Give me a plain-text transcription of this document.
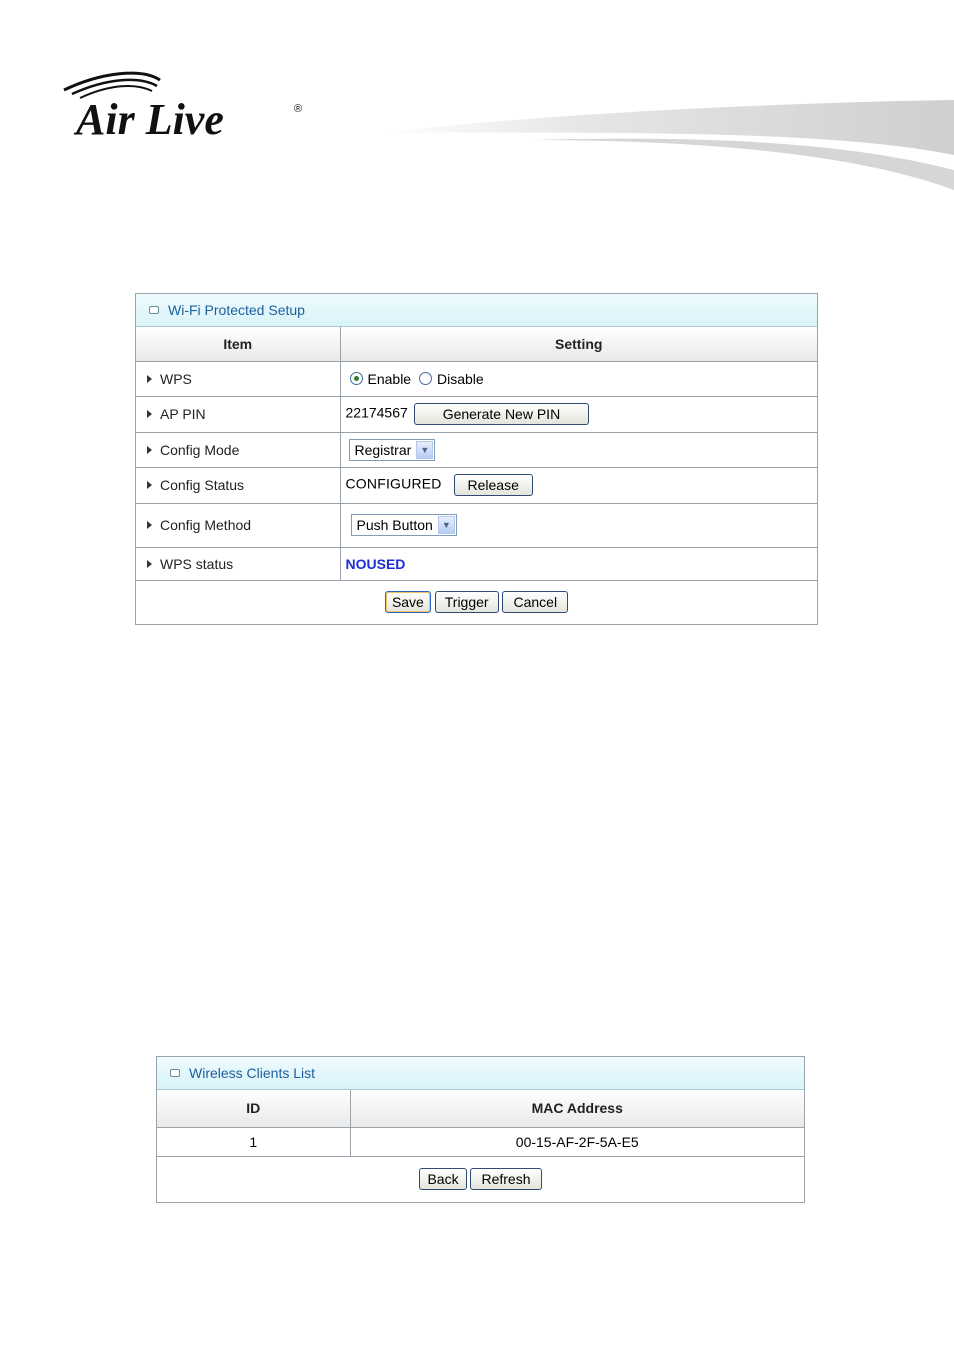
Air Live	®
Wi-Fi Protected Setup
Item	Setting
WPS	Enable Disable
AP PIN	22174567 Generate New PIN
Config Mode	Registrar ▼

Config Status	CONFIGURED Release
Config Method	Push Button ▼

WPS status	NOUSED
Save Trigger Cancel	
Wireless Clients List
ID	MAC Address
1	00-15-AF-2F-5A-E5
Back Refresh	
